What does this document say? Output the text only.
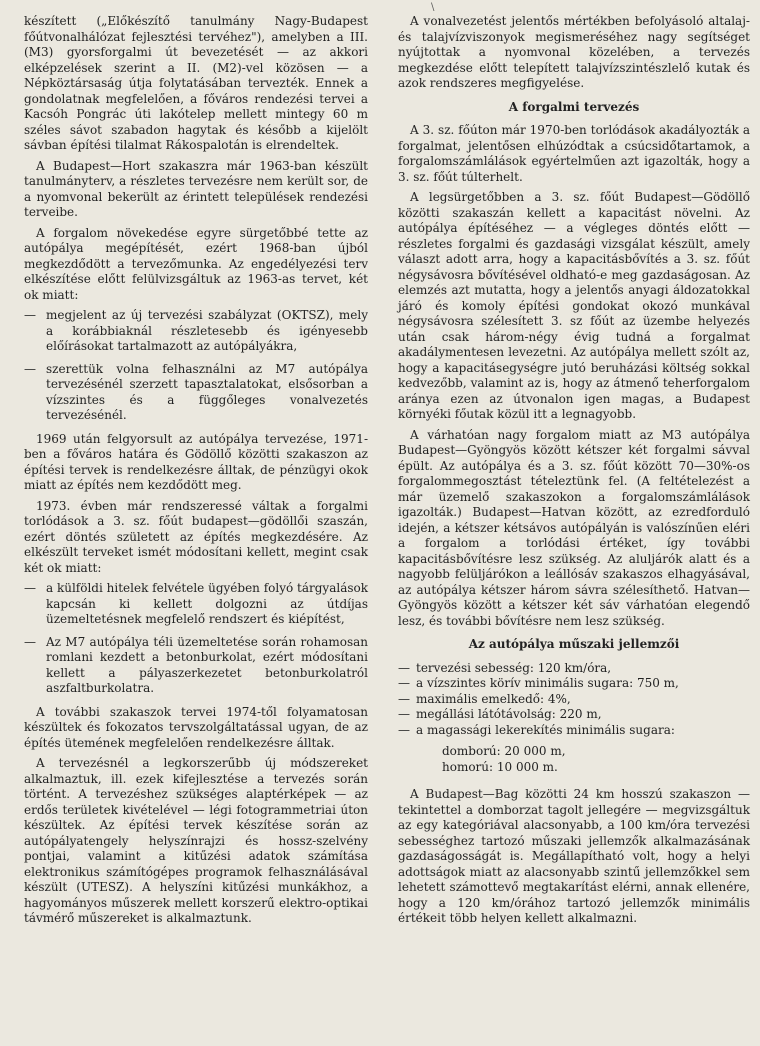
készített („Előkészítő tanulmány Nagy-Budapest főútvonalhálózat fejlesztési tervéhez"), amelyben a III. (M3) gyorsforgalmi út bevezetését — az akkori elképzelések szerint a II. (M2)-vel közösen — a Népköztársaság útja folytatásában tervezték. Ennek a gondolatnak megfelelően, a főváros rendezési tervei a Kacsóh Pongrác úti lakótelep mellett mintegy 60 m széles sávot szabadon hagytak és később a kijelölt sávban építési tilalmat Rákospalotán is elrendeltek.

A Budapest—Hort szakaszra már 1963-ban készült tanulmányterv, a részletes tervezésre nem került sor, de a nyomvonal bekerült az érintett települések rendezési terveibe.

A forgalom növekedése egyre sürgetőbbé tette az autópálya megépítését, ezért 1968-ban újból megkezdődött a tervezőmunka. Az engedélyezési terv elkészítése előtt felülvizsgáltuk az 1963-as tervet, két ok miatt:

— megjelent az új tervezési szabályzat (OKTSZ), mely a korábbiaknál részletesebb és igényesebb előírásokat tartalmazott az autópályákra,
— szerettük volna felhasználni az M7 autópálya tervezésénél szerzett tapasztalatokat, elsősorban a vízszintes és a függőleges vonalvezetés tervezésénél.

1969 után felgyorsult az autópálya tervezése, 1971-ben a főváros határa és Gödöllő közötti szakaszon az építési tervek is rendelkezésre álltak, de pénzügyi okok miatt az építés nem kezdődött meg.

1973. évben már rendszeressé váltak a forgalmi torlódások a 3. sz. főút budapest—gödöllői szaszán, ezért döntés született az építés megkezdésére. Az elkészült terveket ismét módosítani kellett, megint csak két ok miatt:

— a külföldi hitelek felvétele ügyében folyó tárgyalások kapcsán ki kellett dolgozni az útdíjas üzemeltetésnek megfelelő rendszert és kiépítést,
— Az M7 autópálya téli üzemeltetése során rohamosan romlani kezdett a betonburkolat, ezért módosítani kellett a pályaszerkezetet betonburkolatról aszfaltburkolatra.

A további szakaszok tervei 1974-től folyamatosan készültek és fokozatos tervszolgáltatással ugyan, de az építés ütemének megfelelően rendelkezésre álltak.

A tervezésnél a legkorszerűbb új módszereket alkalmaztuk, ill. ezek kifejlesztése a tervezés során történt. A tervezéshez szükséges alaptérképek — az erdős területek kivételével — légi fotogrammetriai úton készültek. Az építési tervek készítése során az autópályatengely helyszínrajzi és hossz-szelvény pontjai, valamint a kitűzési adatok számítása elektronikus számítógépes programok felhasználásával készült (UTESZ). A helyszíni kitűzési munkákhoz, a hagyományos műszerek mellett korszerű elektro-optikai távmérő műszereket is alkalmaztunk.

\

A vonalvezetést jelentős mértékben befolyásoló altalaj- és talajvízviszonyok megismeréséhez nagy segítséget nyújtottak a nyomvonal közelében, a tervezés megkezdése előtt telepített talajvízszintészlelő kutak és azok rendszeres megfigyelése.

A forgalmi tervezés

A 3. sz. főúton már 1970-ben torlódások akadályozták a forgalmat, jelentősen elhúzódtak a csúcsidőtartamok, a forgalomszámlálások egyértelműen azt igazolták, hogy a 3. sz. főút túlterhelt.

A legsürgetőbben a 3. sz. főút Budapest—Gödöllő közötti szakaszán kellett a kapacitást növelni. Az autópálya építéséhez — a végleges döntés előtt — részletes forgalmi és gazdasági vizsgálat készült, amely választ adott arra, hogy a kapacitásbővítés a 3. sz. főút négysávosra bővítésével oldható-e meg gazdaságosan. Az elemzés azt mutatta, hogy a jelentős anyagi áldozatokkal járó és komoly építési gondokat okozó munkával négysávosra szélesített 3. sz főút az üzembe helyezés után csak három-négy évig tudná a forgalmat akadálymentesen levezetni. Az autópálya mellett szólt az, hogy a kapacitásegységre jutó beruházási költség sokkal kedvezőbb, valamint az is, hogy az átmenő teherforgalom aránya ezen az útvonalon igen magas, a Budapest környéki főutak közül itt a legnagyobb.

A várhatóan nagy forgalom miatt az M3 autópálya Budapest—Gyöngyös között kétszer két forgalmi sávval épült. Az autópálya és a 3. sz. főút között 70—30%-os forgalommegosztást tételeztünk fel. (A feltételezést a már üzemelő szakaszokon a forgalomszámlálások igazolták.) Budapest—Hatvan között, az ezredforduló idején, a kétszer kétsávos autópályán is valószínűen eléri a forgalom a torlódási értéket, így további kapacitásbővítésre lesz szükség. Az aluljárók alatt és a nagyobb felüljárókon a leállósáv szakaszos elhagyásával, az autópálya kétszer három sávra szélesíthető. Hatvan—Gyöngyös között a kétszer két sáv várhatóan elegendő lesz, és további bővítésre nem lesz szükség.

Az autópálya műszaki jellemzői

— tervezési sebesség: 120 km/óra,
— a vízszintes körív minimális sugara: 750 m,
— maximális emelkedő: 4%,
— megállási látótávolság: 220 m,
— a magassági lekerekítés minimális sugara:
domború: 20 000 m,
homorú: 10 000 m.

A Budapest—Bag közötti 24 km hosszú szakaszon — tekintettel a domborzat tagolt jellegére — megvizsgáltuk az egy kategóriával alacsonyabb, a 100 km/óra tervezési sebességhez tartozó műszaki jellemzők alkalmazásának gazdaságosságát is. Megállapítható volt, hogy a helyi adottságok miatt az alacsonyabb szintű jellemzőkkel sem lehetett számottevő megtakarítást elérni, annak ellenére, hogy a 120 km/órához tartozó jellemzők minimális értékeit több helyen kellett alkalmazni.
